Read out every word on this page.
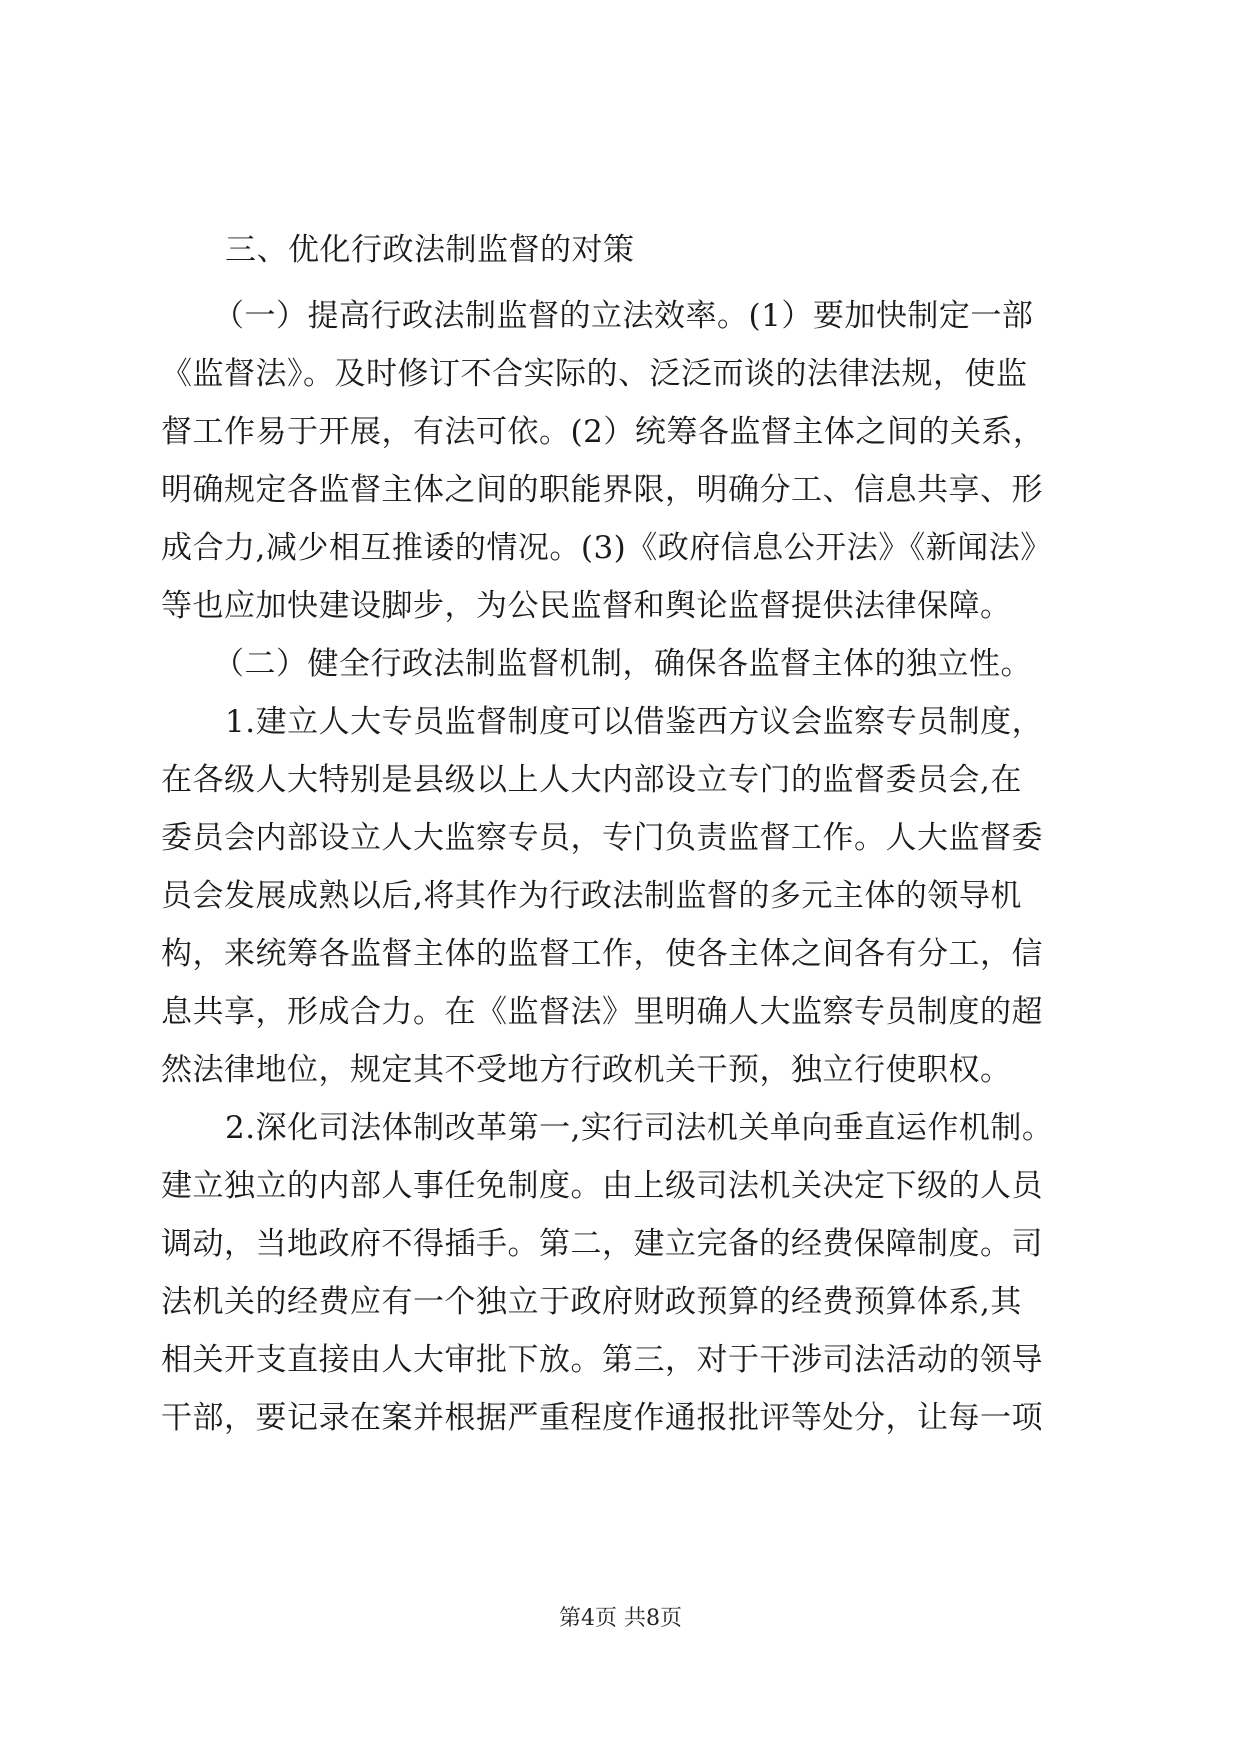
三、优化行政法制监督的对策
（一）提高行政法制监督的立法效率。(1）要加快制定一部
《监督法》。及时修订不合实际的、泛泛而谈的法律法规，使监
督工作易于开展，有法可依。(2）统筹各监督主体之间的关系，
明确规定各监督主体之间的职能界限，明确分工、信息共享、形
成合力,减少相互推诿的情况。(3)《政府信息公开法》《新闻法》
等也应加快建设脚步，为公民监督和舆论监督提供法律保障。
（二）健全行政法制监督机制，确保各监督主体的独立性。
1.建立人大专员监督制度可以借鉴西方议会监察专员制度，
在各级人大特别是县级以上人大内部设立专门的监督委员会,在
委员会内部设立人大监察专员，专门负责监督工作。人大监督委
员会发展成熟以后,将其作为行政法制监督的多元主体的领导机
构，来统筹各监督主体的监督工作，使各主体之间各有分工，信
息共享，形成合力。在《监督法》里明确人大监察专员制度的超
然法律地位，规定其不受地方行政机关干预，独立行使职权。
2.深化司法体制改革第一,实行司法机关单向垂直运作机制。
建立独立的内部人事任免制度。由上级司法机关决定下级的人员
调动，当地政府不得插手。第二，建立完备的经费保障制度。司
法机关的经费应有一个独立于政府财政预算的经费预算体系,其
相关开支直接由人大审批下放。第三，对于干涉司法活动的领导
干部，要记录在案并根据严重程度作通报批评等处分，让每一项
第4页 共8页
